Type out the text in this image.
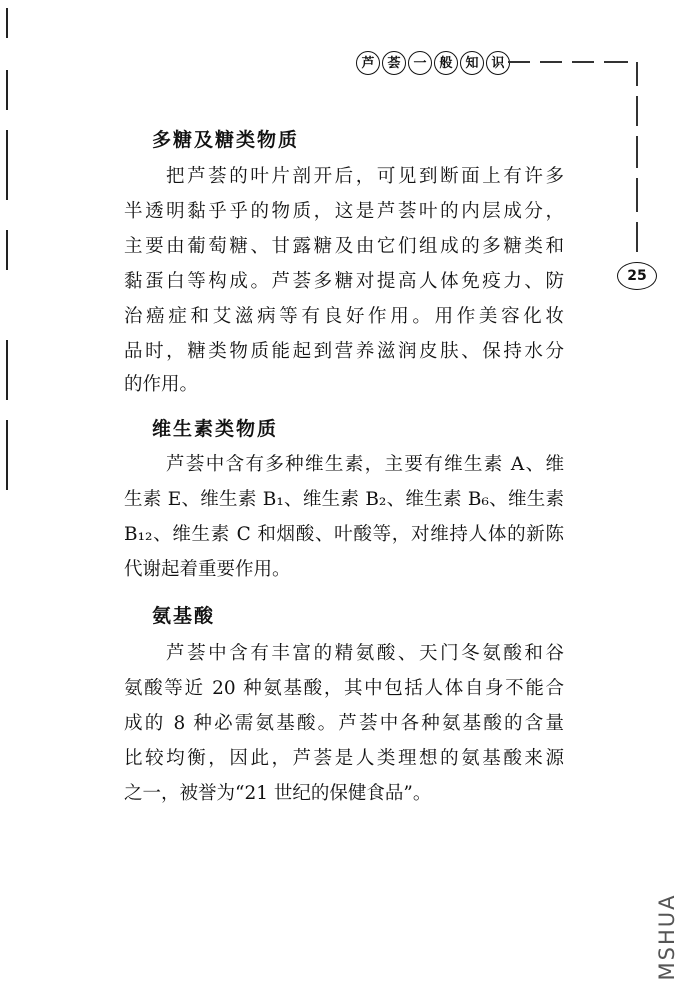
芦 荟 一 般 知 识
25
多糖及糖类物质
把芦荟的叶片剖开后，可见到断面上有许多
半透明黏乎乎的物质，这是芦荟叶的内层成分，
主要由葡萄糖、甘露糖及由它们组成的多糖类和
黏蛋白等构成。芦荟多糖对提高人体免疫力、防
治癌症和艾滋病等有良好作用。用作美容化妆
品时，糖类物质能起到营养滋润皮肤、保持水分
的作用。
维生素类物质
芦荟中含有多种维生素，主要有维生素 A、维
生素 E、维生素 B₁、维生素 B₂、维生素 B₆、维生素
B₁₂、维生素 C 和烟酸、叶酸等，对维持人体的新陈
代谢起着重要作用。
氨基酸
芦荟中含有丰富的精氨酸、天门冬氨酸和谷
氨酸等近 20 种氨基酸，其中包括人体自身不能合
成的 8 种必需氨基酸。芦荟中各种氨基酸的含量
比较均衡，因此，芦荟是人类理想的氨基酸来源
之一，被誉为“21 世纪的保健食品”。
MSHUA
